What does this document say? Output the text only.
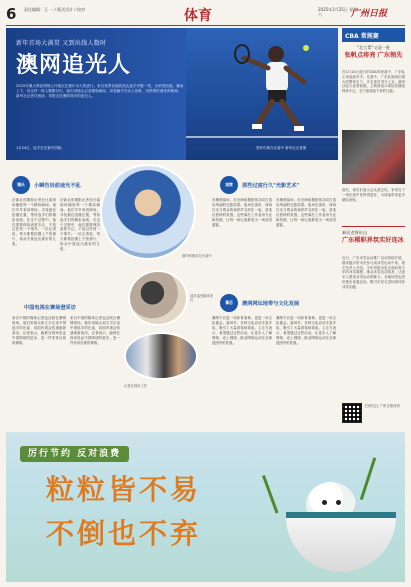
6 责任编辑：王 一 / 版式设计 / 校对	体育	2025年1月25日 星期六	广州日报
新年首场大满贯 又到出线人数时
澳网追光人
2025年澳大利亚网球公开赛正在墨尔本火热进行。来自世界各地的顶尖选手齐聚一堂，为荣誉而战。赛场上下，有这样一群人默默付出，他们用镜头记录精彩瞬间，用笔触书写动人故事，用热情传递体育精神。新华社记者在现场，带您走近澳网背后的追光人。
1月24日，选手在比赛中回球。	蒙菲尔斯在比赛中 新华社记者摄
CBA 常规赛
"北大帮"又迎一胜
张帆点将亮 广东领先
在1月24日进行的CBA常规赛中，广东队主场迎战对手。比赛中，广东队展现出强大的整体实力，多名球员得分上双，最终以较大优势取胜。主教练表示球队将继续保持专注，全力备战接下来的比赛。
赛后，球员们表示会认真总结，争取在下一场比赛中发挥得更好，为球迷带来更多精彩表现。
新民老将出山
广东稀职界氛实好连冰
近日，广东冰雪运动推广活动持续开展，越来越多的市民参与到冰雪运动中来。相关负责人介绍，今年将推出更多面向青少年的冰雪课程，推动冰雪运动普及，让更多人感受冰雪运动的魅力。各地场馆也纷纷推出优惠活动，吸引市民走进场馆体验冰雪乐趣。
扫码关注 广州日报体育
镜头	小瞬告诉前途光不乱
法新社的摄影记者在比赛现场捕捉每一个精彩瞬间。他们早早来到球场，寻找最佳拍摄位置，等待选手们的精彩表现。在这个过程中，他们需要保持高度专注，不放过任何一个细节。一位记者说，每天都要拍摄上千张照片，再从中挑选出最好的几张。
法新社的摄影记者在比赛现场捕捉每一个精彩瞬间。他们早早来到球场，寻找最佳拍摄位置，等待选手们的精彩表现。在这个过程中，他们需要保持高度专注，不放过任何一个细节。一位记者说，每天都要拍摄上千张照片，再从中挑选出最好的几张。
中国电视在赛场澄采访
来自中国的媒体记者也活跃在澳网现场。他们用镜头和文字记录中国选手的比赛，向国内观众传递最新赛况。记者表示，能够在现场见证中国网球的进步，是一件非常自豪的事情。
来自中国的媒体记者也活跃在澳网现场。他们用镜头和文字记录中国选手的比赛，向国内观众传递最新赛况。记者表示，能够在现场见证中国网球的进步，是一件非常自豪的事情。
德约科维奇在比赛中
球员接受媒体采访
记者在现场工作
观察	那些过度行久"光影艺术"
在澳网赛场，灯光师和摄影师共同打造出绚丽的光影效果。夜场比赛时，球场灯光与观众的欢呼声交织在一起，营造出独特的氛围。这些幕后工作者用专业和热情，让每一场比赛都成为一场视觉盛宴。
在澳网赛场，灯光师和摄影师共同打造出绚丽的光影效果。夜场比赛时，球场灯光与观众的欢呼声交织在一起，营造出独特的氛围。这些幕后工作者用专业和热情，让每一场比赛都成为一场视觉盛宴。
幕后	澳网网坛地带与文化发展
澳网不仅是一项体育赛事，更是一场文化盛会。赛场外，各种文化活动丰富多彩，吸引了大量游客和球迷。主办方表示，希望通过这些活动，让更多人了解网球、爱上网球，推动网球运动在全球范围内的发展。
澳网不仅是一项体育赛事，更是一场文化盛会。赛场外，各种文化活动丰富多彩，吸引了大量游客和球迷。主办方表示，希望通过这些活动，让更多人了解网球、爱上网球，推动网球运动在全球范围内的发展。
厉行节约 反对浪费
粒粒皆不易
不倒也不弃
